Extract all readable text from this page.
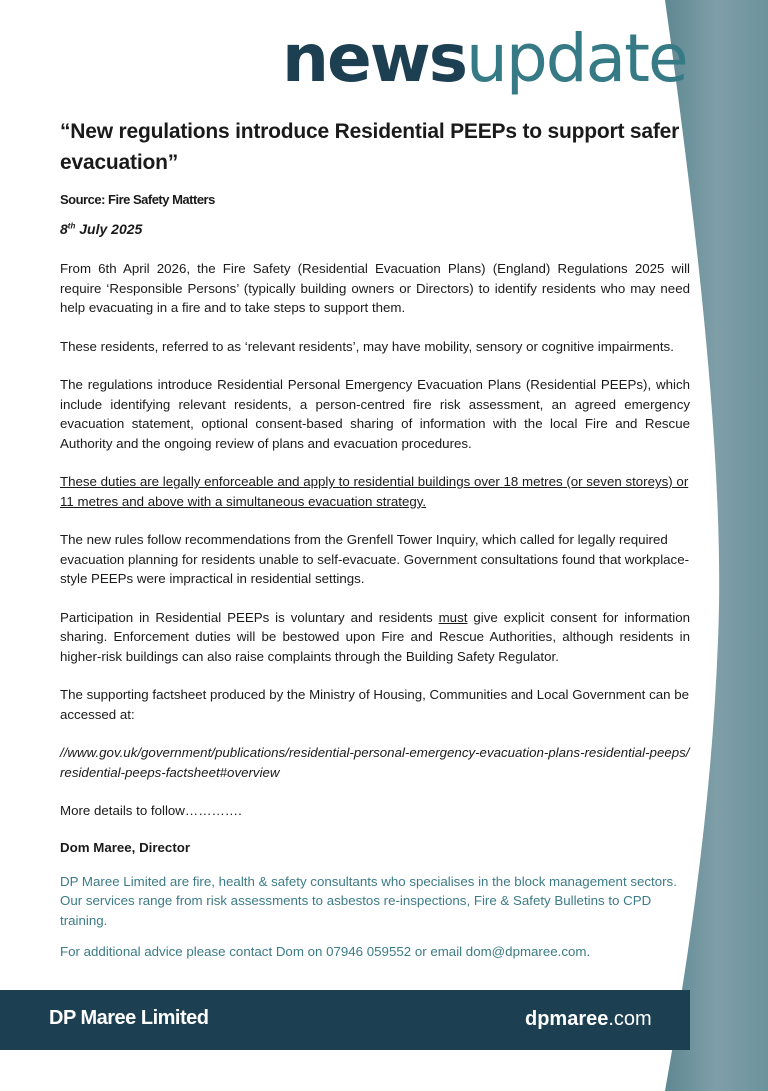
newsupdate
“New regulations introduce Residential PEEPs to support safer evacuation”
Source: Fire Safety Matters
8th July 2025

From 6th April 2026, the Fire Safety (Residential Evacuation Plans) (England) Regulations 2025 will require ‘Responsible Persons’ (typically building owners or Directors) to identify residents who may need help evacuating in a fire and to take steps to support them.

These residents, referred to as ‘relevant residents’, may have mobility, sensory or cognitive impairments.

The regulations introduce Residential Personal Emergency Evacuation Plans (Residential PEEPs), which include identifying relevant residents, a person-centred fire risk assessment, an agreed emergency evacuation statement, optional consent-based sharing of information with the local Fire and Rescue Authority and the ongoing review of plans and evacuation procedures.

These duties are legally enforceable and apply to residential buildings over 18 metres (or seven storeys) or 11 metres and above with a simultaneous evacuation strategy.

The new rules follow recommendations from the Grenfell Tower Inquiry, which called for legally required evacuation planning for residents unable to self-evacuate. Government consultations found that workplace-style PEEPs were impractical in residential settings.

Participation in Residential PEEPs is voluntary and residents must give explicit consent for information sharing. Enforcement duties will be bestowed upon Fire and Rescue Authorities, although residents in higher-risk buildings can also raise complaints through the Building Safety Regulator.

The supporting factsheet produced by the Ministry of Housing, Communities and Local Government can be accessed at:

//www.gov.uk/government/publications/residential-personal-emergency-evacuation-plans-residential-peeps/residential-peeps-factsheet#overview

More details to follow………….

Dom Maree, Director

DP Maree Limited are fire, health & safety consultants who specialises in the block management sectors. Our services range from risk assessments to asbestos re-inspections, Fire & Safety Bulletins to CPD training.

For additional advice please contact Dom on 07946 059552 or email dom@dpmaree.com.

DP Maree Limited	dpmaree.com
